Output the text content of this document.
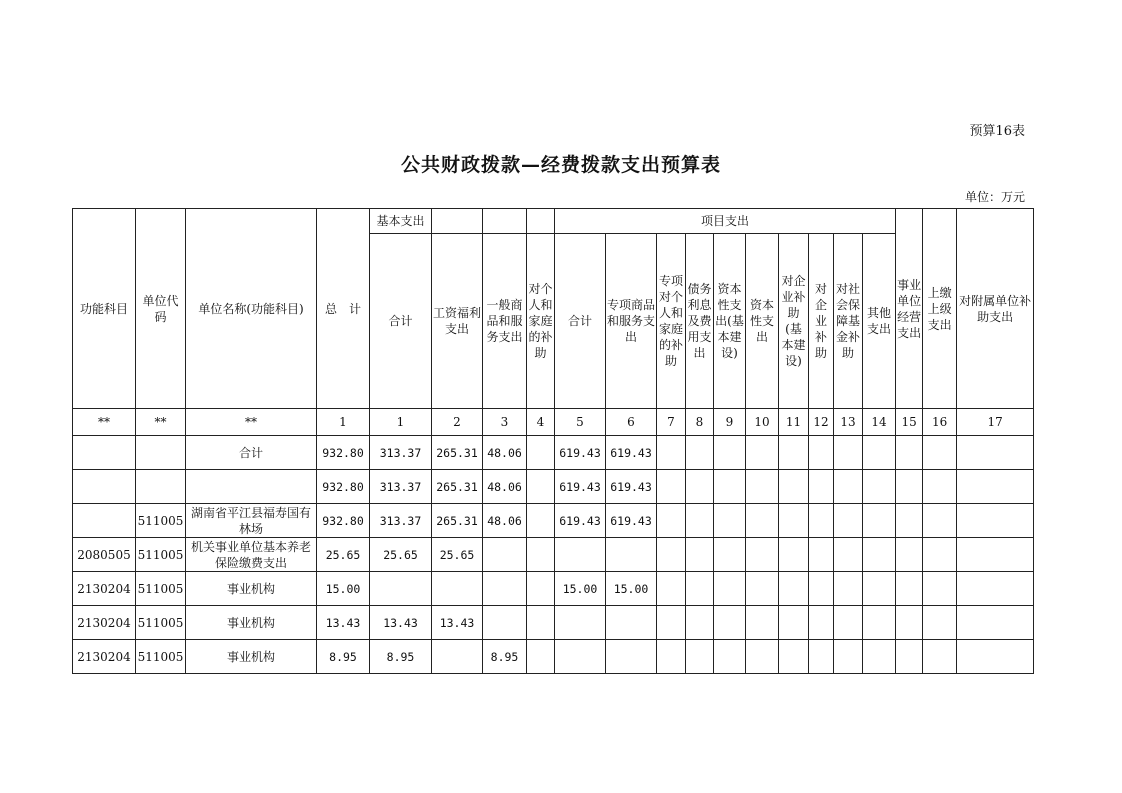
预算16表
公共财政拨款—经费拨款支出预算表
单位：万元
功能科目	单位代码	单位名称(功能科目)	总　计	基本支出				项目支出										事业单位经营支出	上缴上级支出	对附属单位补助支出
				合计	工资福利支出	一般商品和服务支出	对个人和家庭的补助	合计	专项商品和服务支出	专项对个人和家庭的补助	债务利息及费用支出	资本性支出(基本建设)	资本性支出	对企业补助(基本建设)	对企业补助	对社会保障基金补助	其他支出			
**	**	**	1	1	2	3	4	5	6	7	8	9	10	11	12	13	14	15	16	17
		合计	932.80	313.37	265.31	48.06		619.43	619.43											
			932.80	313.37	265.31	48.06		619.43	619.43											
	511005	湖南省平江县福寿国有林场	932.80	313.37	265.31	48.06		619.43	619.43											
2080505	511005	机关事业单位基本养老保险缴费支出	25.65	25.65	25.65															
2130204	511005	事业机构	15.00					15.00	15.00											
2130204	511005	事业机构	13.43	13.43	13.43															
2130204	511005	事业机构	8.95	8.95		8.95														
